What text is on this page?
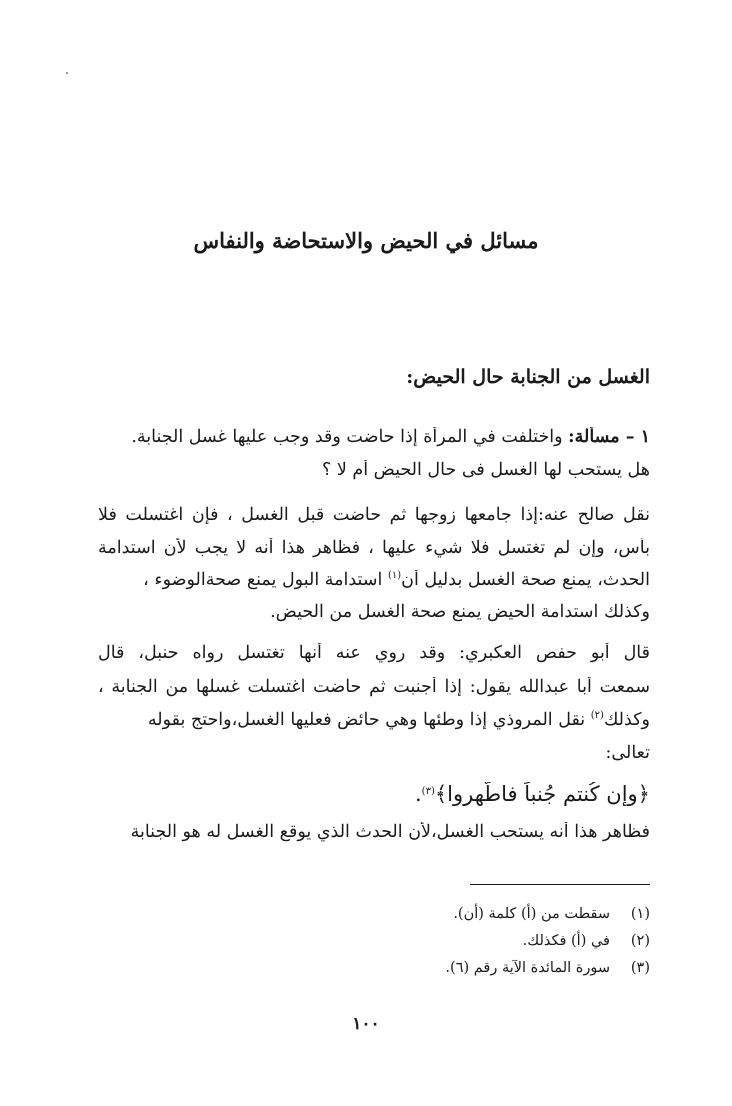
مسائل في الحيض والاستحاضة والنفاس
الغسل من الجنابة حال الحيض:
١ – مسألة: واختلفت في المرأة إذا حاضت وقد وجب عليها غسل الجنابة.
هل يستحب لها الغسل فى حال الحيض أم لا ؟
نقل صالح عنه:إذا جامعها زوجها ثم حاضت قبل الغسل ، فإن اغتسلت فلا
بأس، وإن لم تغتسل فلا شيء عليها ، فظاهر هذا أنه لا يجب لأن استدامة
الحدث، يمنع صحة الغسل بدليل أن$^{(١)}$ استدامة البول يمنع صحةالوضوء ،
وكذلك استدامة الحيض يمنع صحة الغسل من الحيض.
قال أبو حفص العكبري: وقد روي عنه أنها تغتسل رواه حنبل، قال
سمعت أبا عبدالله يقول: إذا أجنبت ثم حاضت اغتسلت غسلها من الجنابة ،
وكذلك$^{(٢)}$ نقل المروذي إذا وطئها وهي حائض فعليها الغسل،واحتج بقوله
تعالى:
﴿وإن كُنتم جُنباً فاطَّهروا﴾$^{(٣)}$.
فظاهر هذا أنه يستحب الغسل،لأن الحدث الذي يوقع الغسل له هو الجنابة
(١)سقطت من (أ) كلمة (أن).
(٢)في (أ) فكذلك.
(٣)سورة المائدة الآية رقم (٦).
١٠٠
